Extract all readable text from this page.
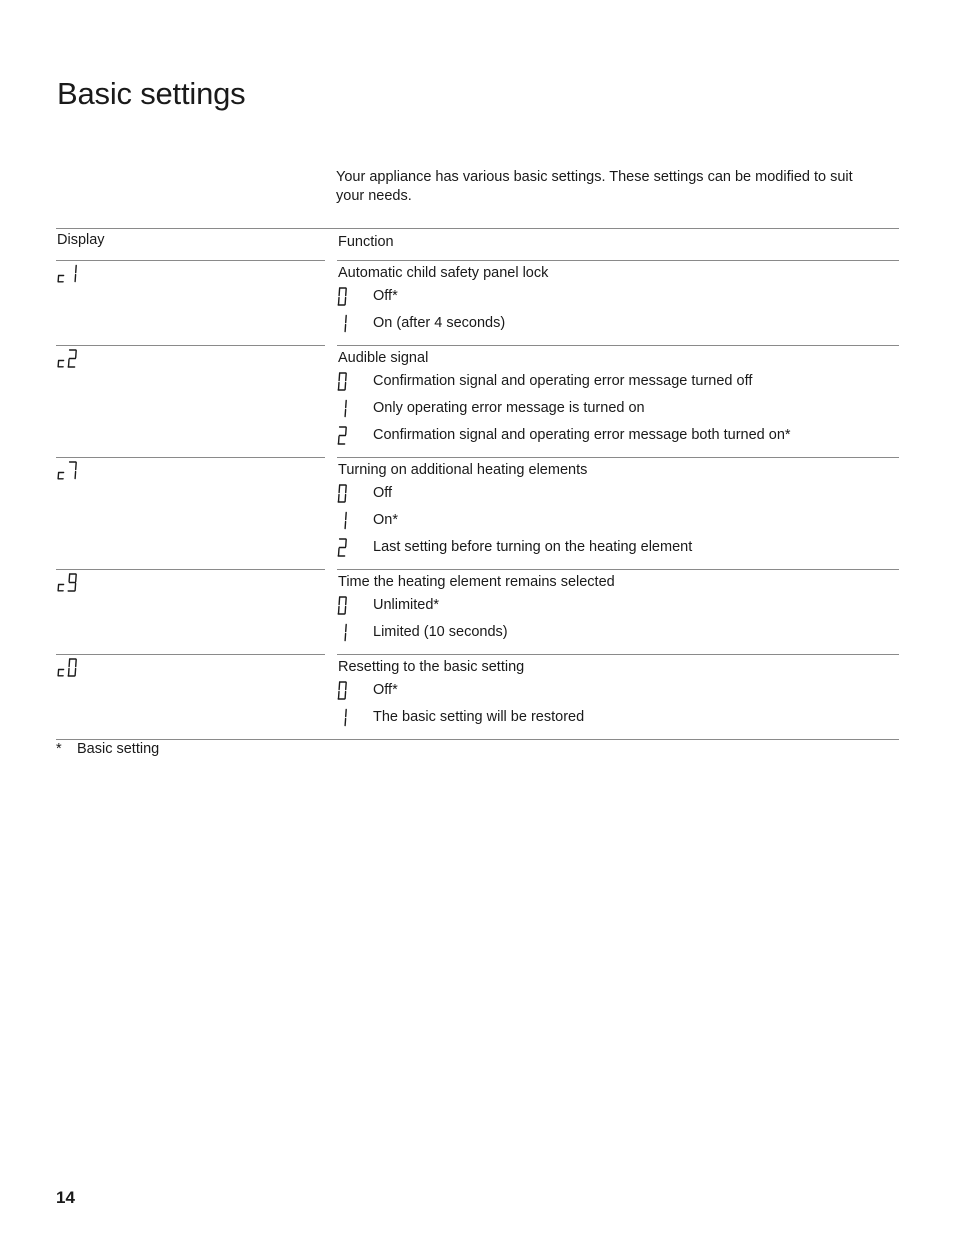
Basic settings

Your appliance has various basic settings. These settings can be modified to suit your needs.

Display	Function
Automatic child safety panel lock
Off*
On (after 4 seconds)
Audible signal
Confirmation signal and operating error message turned off
Only operating error message is turned on
Confirmation signal and operating error message both turned on*
Turning on additional heating elements
Off
On*
Last setting before turning on the heating element
Time the heating element remains selected
Unlimited*
Limited (10 seconds)
Resetting to the basic setting
Off*
The basic setting will be restored
* Basic setting
14
